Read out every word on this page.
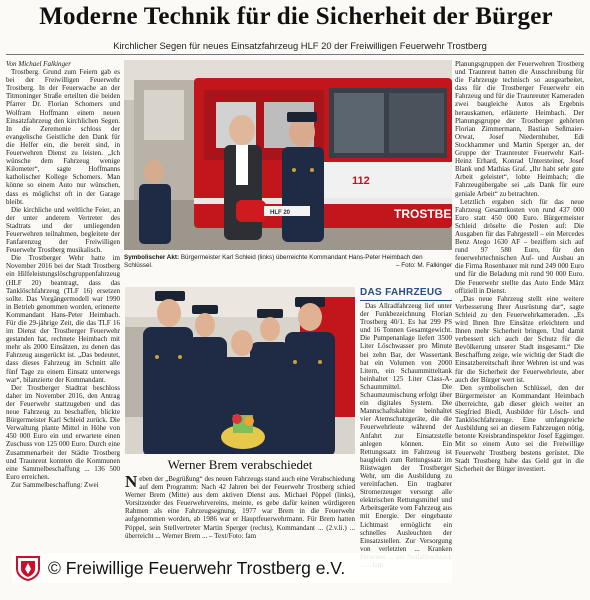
Moderne Technik für die Sicherheit der Bürger
Kirchlicher Segen für neues Einsatzfahrzeug HLF 20 der Freiwilligen Feuerwehr Trostberg

Von Michael Falkinger

Trostberg. Grund zum Feiern gab es bei der Freiwilligen Feuerwehr Trostberg. In der Feuerwache an der Titmoninger Straße erteilten die beiden Pfarrer Dr. Florian Schomers und Wolfram Hoffmann einem neuen Einsatzfahrzeug den kirchlichen Segen. In die Zeremonie schloss der evangelische Geistliche den Dank für die Helfer ein, die bereit sind, in Feuerwehren Dienst zu leisten. „Ich wünsche dem Fahrzeug wenige Kilometer“, sagte Hoffmanns katholischer Kollege Schomers. Man könne so einem Auto nur wünschen, dass es möglichst oft in der Garage bleibt.

Die kirchliche und weltliche Feier, an der unter anderem Vertreter des Stadtrats und der umliegenden Feuerwehren teilnahmen, begleitete der Fanfarenzug der Freiwilligen Feuerwehr Trostberg musikalisch.

Die Trostberger Wehr hatte im November 2016 bei der Stadt Trostberg ein Hilfeleistungslöschgruppenfahrzeug (HLF 20) beantragt, dass das Tanklöschfahrzeug (TLF 16) ersetzen sollte. Das Vorgängermodell war 1990 in Betrieb genommen worden, erinnerte Kommandant Hans-Peter Heimbach. Für die 29-jährige Zeit, die das TLF 16 im Dienst der Trostberger Feuerwehr gestanden hat, rechnete Heimbach mit mehr als 2000 Einsätzen, zu denen das Fahrzeug ausgerückt ist. „Das bedeutet, dass dieses Fahrzeug im Schnitt alle fünf Tage zu einem Einsatz unterwegs war“, bilanzierte der Kommandant.

Der Trostberger Stadtrat beschloss daher im November 2016, den Antrag der Feuerwehr stattzugeben und das neue Fahrzeug zu beschaffen, blickte Bürgermeister Karl Schleid zurück. Die Verwaltung plante Mittel in Höhe von 450 000 Euro ein und erwartete einen Zuschuss von 125 000 Euro. Durch eine Zusammenarbeit der Städte Trostberg und Traunreut konnten die Kommunen eine Sammelbeschaffung ... 136 500 Euro erreichen.

Zur Sammelbeschaffung: Zwei

112
TROSTBE
HLF 20
Symbolischer Akt: Bürgermeister Karl Schleid (links) überreichte Kommandant Hans-Peter Heimbach den Schlüssel.	– Foto: M. Falkinger
Werner Brem verabschiedet
N eben der „Begrüßung“ des neuen Fahrzeugs stand auch eine Verabschiedung auf dem Programm: Nach 42 Jahren bei der Feuerwehr Trostberg schied Werner Brem (Mitte) aus dem aktiven Dienst aus. Michael Pöppel (links), Vorsitzender des Feuerwehrvereins, meinte, es gebe dafür keinen würdigeren Rahmen als eine Fahrzeugsegnung. 1977 war Brem in die Feuerwehr aufgenommen worden, ab 1986 war er Hauptfeuerwehrmann. Für Brem hatten Pöppel, sein Stellvertreter Martin Sperger (rechts), Kommandant ... (2.v.li.) ... überreicht ... Werner Brem ... – Text/Foto: fam
DAS FAHRZEUG

Das Allradfahrzeug lief unter der Funkbezeichnung Florian Trostberg 40/1. Es hat 299 PS und 16 Tonnen Gesamtgewicht. Die Pumpenanlage liefert 3500 Liter Löschwasser pro Minute bei zehn Bar, der Wassertank hat ein Volumen von 2000 Litern, ein Schaummitteltank beinhaltet 125 Liter Class-A-Schaummittel. Die Schaumzumischung erfolgt über ein digitales System. Die Mannschaftskabine beinhaltet vier Atemschutzgeräte, die die Feuerwehrleute während der Anfahrt zur Einsatzstelle anlegen können. Ein Rettungssatz im Fahrzeug ist baugleich zum Rettungssatz im Rüstwagen der Trostberger Wehr, um die Ausbildung zu vereinfachen. Ein tragbarer Stromerzeuger versorgt alle elektrischen Rettungsmittel und Arbeitsgeräte vom Fahrzeug aus mit Energie. Der eingebaute Lichtmast ermöglicht ein schnelles Ausleuchten der Einsatzstellen. Zur Versorgung von verletzten ... Kranken

Planungsgruppen der Feuerwehren Trostberg und Traunreut hatten die Ausschreibung für die Fahrzeuge technisch so ausgearbeitet, dass für die Trostberger Feuerwehr ein Fahrzeug und für die Traunreuter Kameraden zwei baugleiche Autos als Ergebnis herauskamen, erläuterte Heimbach. Der Planungsgruppe der Trostberger gehörten Florian Zimmermann, Bastian Seßmaier-Orwat, Josef Niedernhuber, Edi Stockhammer und Martin Sperger an, der Gruppe der Traunreuter Feuerwehr Karl-Heinz Erhard, Konrad Untersteiner, Josef Blank und Mathias Graf. „Ihr habt sehr gute Arbeit geleistet“, lobte Heimbach; die Fahrzeugübergabe sei „als Dank für eure geniale Arbeit“ zu betrachten.

Letztlich ergaben sich für das neue Fahrzeug Gesamtkosten von rund 437 000 Euro statt 450 000 Euro. Bürgermeister Schleid dröselte die Posten auf: Die Ausgaben für das Fahrgestell – ein Mercedes Benz Atego 1630 AF – beziffern sich auf rund 97 580 Euro, für den feuerwehrtechnischen Auf- und Ausbau an die Firma Rosenbauer mit rund 249 000 Euro und für die Beladung mit rund 90 000 Euro. Die Feuerwehr stellte das Auto Ende März offiziell in Dienst.

„Das neue Fahrzeug stellt eine weitere Verbesserung Ihrer Ausrüstung dar“, sagte Schleid zu den Feuerwehrkameraden. „Es wird Ihnen Ihre Einsätze erleichtern und Ihnen mehr Sicherheit bringen. Und damit verbessert sich auch der Schutz für die Bevölkerung unserer Stadt insgesamt.“ Die Beschaffung zeige, wie wichtig der Stadt die Einsatzbereitschaft ihrer Wehren ist und was für die Sicherheit der Feuerwehrleute, aber auch der Bürger wert ist.

Den symbolischen Schlüssel, den der Bürgermeister an Kommandant Heimbach überreichte, gab dieser gleich weiter an Siegfried Biedl, Ausbilder für Lösch- und Tanklöschfahrzeuge. Eine umfangreiche Ausbildung sei an diesem Fahrzeugen nötig, betonte Kreisbrandinspektor Josef Eggimger. Mit so einem Auto sei die Freiwillige Feuerwehr Trostberg bestens gerüstet. Die Stadt Trostberg habe das Geld gut in die Sicherheit der Bürger investiert.

© Freiwillige Feuerwehr Trostberg e.V.
